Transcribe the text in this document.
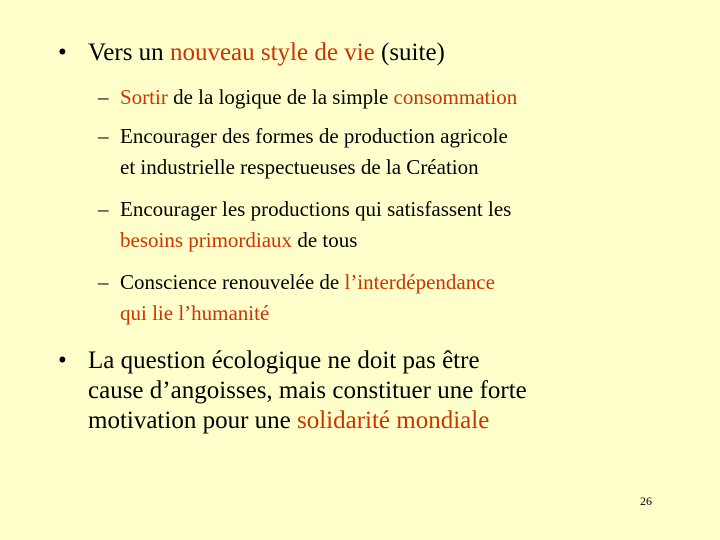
• Vers un nouveau style de vie (suite)
– Sortir de la logique de la simple consommation
– Encourager des formes de production agricole
et industrielle respectueuses de la Création
– Encourager les productions qui satisfassent les
besoins primordiaux de tous
– Conscience renouvelée de l’interdépendance
qui lie l’humanité
• La question écologique ne doit pas être
cause d’angoisses, mais constituer une forte
motivation pour une solidarité mondiale
26
